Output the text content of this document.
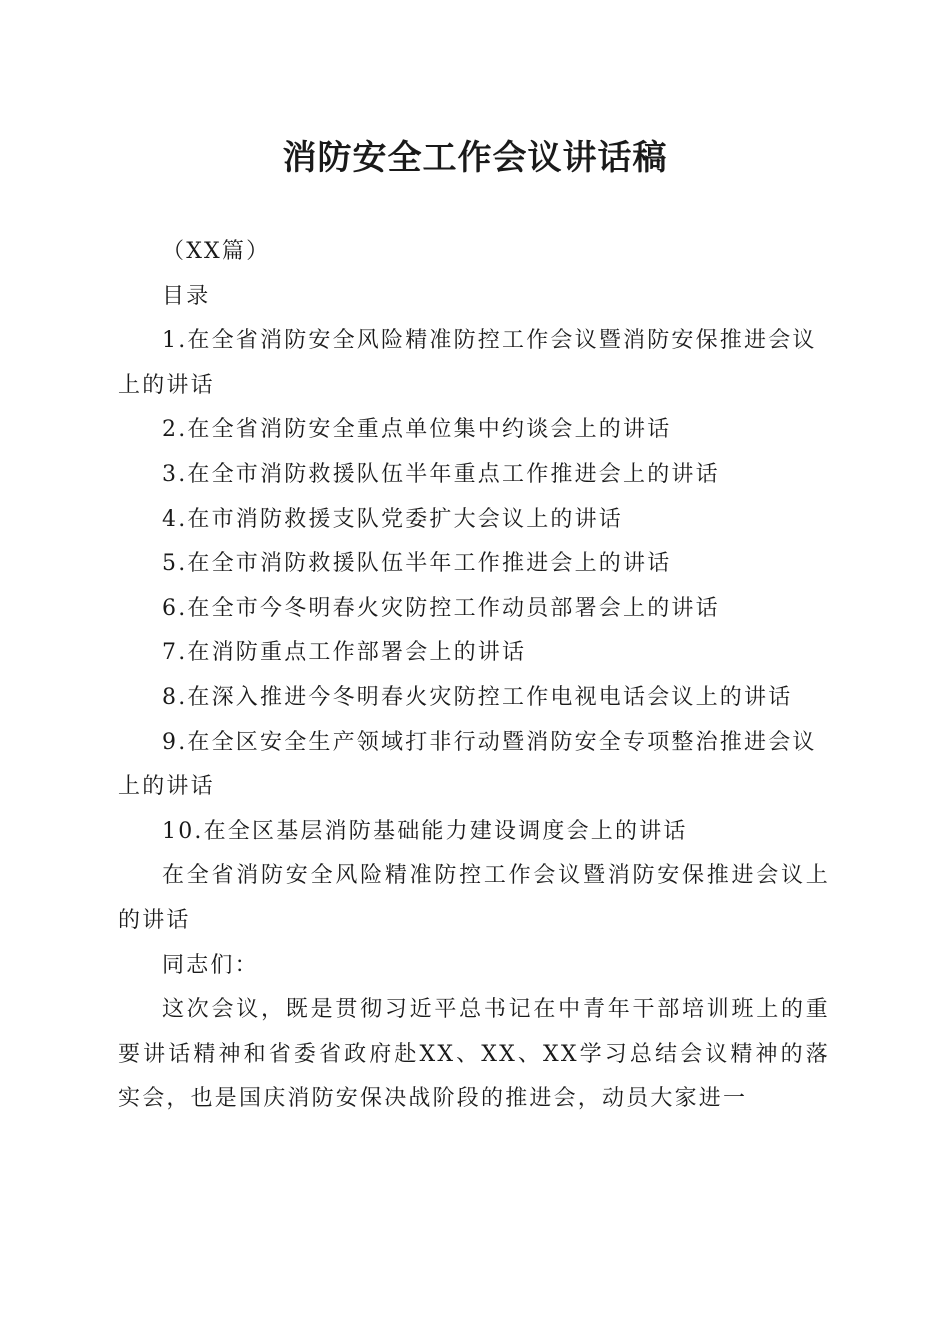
消防安全工作会议讲话稿

（XX篇）

目录

1.在全省消防安全风险精准防控工作会议暨消防安保推进会议上的讲话
2.在全省消防安全重点单位集中约谈会上的讲话
3.在全市消防救援队伍半年重点工作推进会上的讲话
4.在市消防救援支队党委扩大会议上的讲话
5.在全市消防救援队伍半年工作推进会上的讲话
6.在全市今冬明春火灾防控工作动员部署会上的讲话
7.在消防重点工作部署会上的讲话
8.在深入推进今冬明春火灾防控工作电视电话会议上的讲话
9.在全区安全生产领域打非行动暨消防安全专项整治推进会议上的讲话
10.在全区基层消防基础能力建设调度会上的讲话

在全省消防安全风险精准防控工作会议暨消防安保推进会议上的讲话

同志们：

这次会议，既是贯彻习近平总书记在中青年干部培训班上的重要讲话精神和省委省政府赴XX、XX、XX学习总结会议精神的落实会，也是国庆消防安保决战阶段的推进会，动员大家进一
